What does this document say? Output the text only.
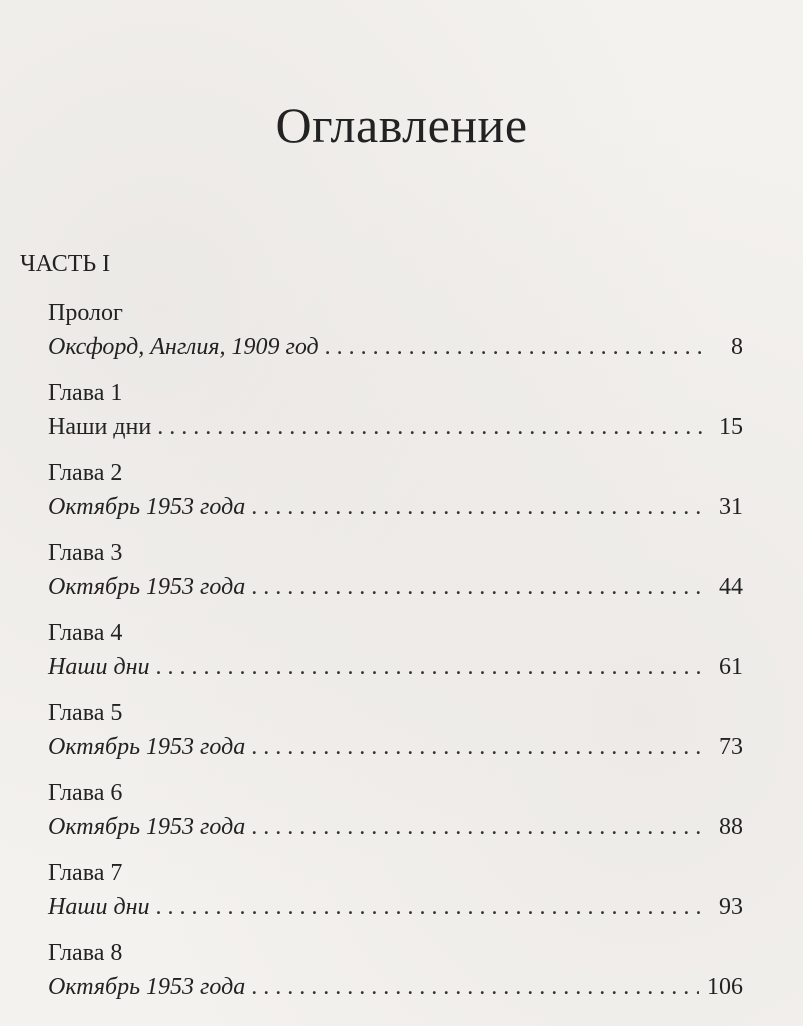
Оглавление
ЧАСТЬ I
Пролог
Оксфорд, Англия, 1909 год . . .	8
Глава 1
Наши дни . . .	15
Глава 2
Октябрь 1953 года . . .	31
Глава 3
Октябрь 1953 года . . .	44
Глава 4
Наши дни . . .	61
Глава 5
Октябрь 1953 года . . .	73
Глава 6
Октябрь 1953 года . . .	88
Глава 7
Наши дни . . .	93
Глава 8
Октябрь 1953 года . . .	106
